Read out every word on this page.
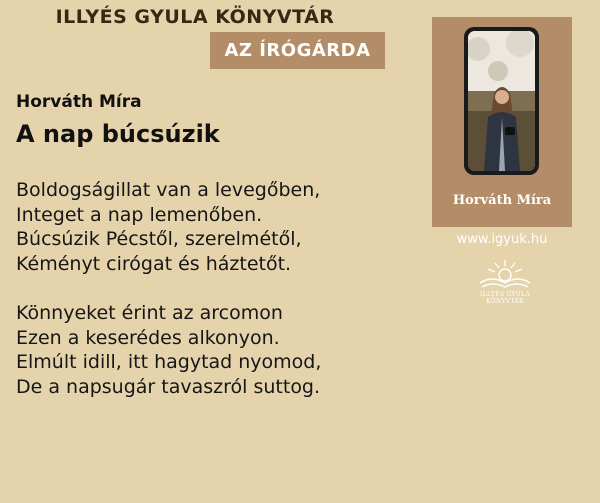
ILLYÉS GYULA KÖNYVTÁR
AZ ÍRÓGÁRDA
Horváth Míra
A nap búcsúzik
Boldogságillat van a levegőben,
Integet a nap lemenőben.
Búcsúzik Pécstől, szerelmétől,
Kéményt cirógat és háztetőt.
Könnyeket érint az arcomon
Ezen a keserédes alkonyon.
Elmúlt idill, itt hagytad nyomod,
De a napsugár tavaszról suttog.
Horváth Míra
www.igyuk.hu
ILLYÉS GYULA
KÖNYVTÁR
